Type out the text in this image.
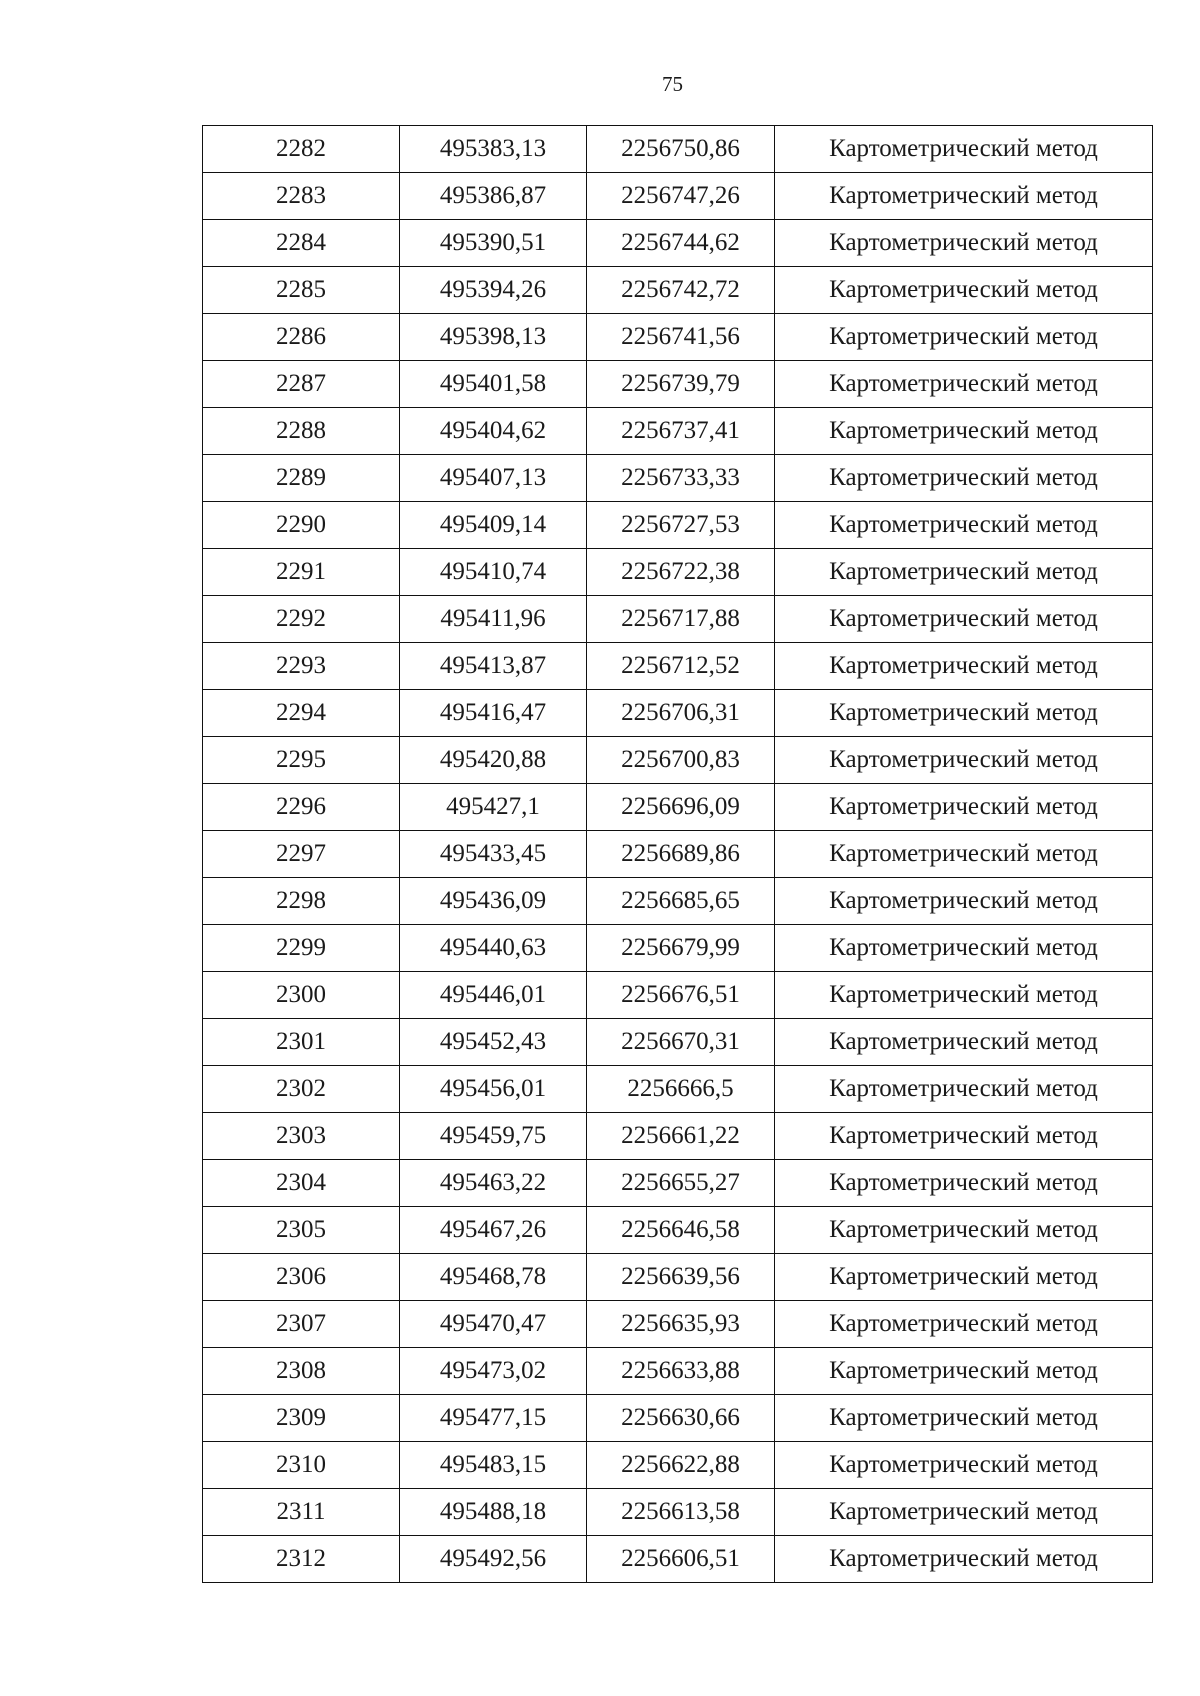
75
2282	495383,13	2256750,86	Картометрический метод
2283	495386,87	2256747,26	Картометрический метод
2284	495390,51	2256744,62	Картометрический метод
2285	495394,26	2256742,72	Картометрический метод
2286	495398,13	2256741,56	Картометрический метод
2287	495401,58	2256739,79	Картометрический метод
2288	495404,62	2256737,41	Картометрический метод
2289	495407,13	2256733,33	Картометрический метод
2290	495409,14	2256727,53	Картометрический метод
2291	495410,74	2256722,38	Картометрический метод
2292	495411,96	2256717,88	Картометрический метод
2293	495413,87	2256712,52	Картометрический метод
2294	495416,47	2256706,31	Картометрический метод
2295	495420,88	2256700,83	Картометрический метод
2296	495427,1	2256696,09	Картометрический метод
2297	495433,45	2256689,86	Картометрический метод
2298	495436,09	2256685,65	Картометрический метод
2299	495440,63	2256679,99	Картометрический метод
2300	495446,01	2256676,51	Картометрический метод
2301	495452,43	2256670,31	Картометрический метод
2302	495456,01	2256666,5	Картометрический метод
2303	495459,75	2256661,22	Картометрический метод
2304	495463,22	2256655,27	Картометрический метод
2305	495467,26	2256646,58	Картометрический метод
2306	495468,78	2256639,56	Картометрический метод
2307	495470,47	2256635,93	Картометрический метод
2308	495473,02	2256633,88	Картометрический метод
2309	495477,15	2256630,66	Картометрический метод
2310	495483,15	2256622,88	Картометрический метод
2311	495488,18	2256613,58	Картометрический метод
2312	495492,56	2256606,51	Картометрический метод
